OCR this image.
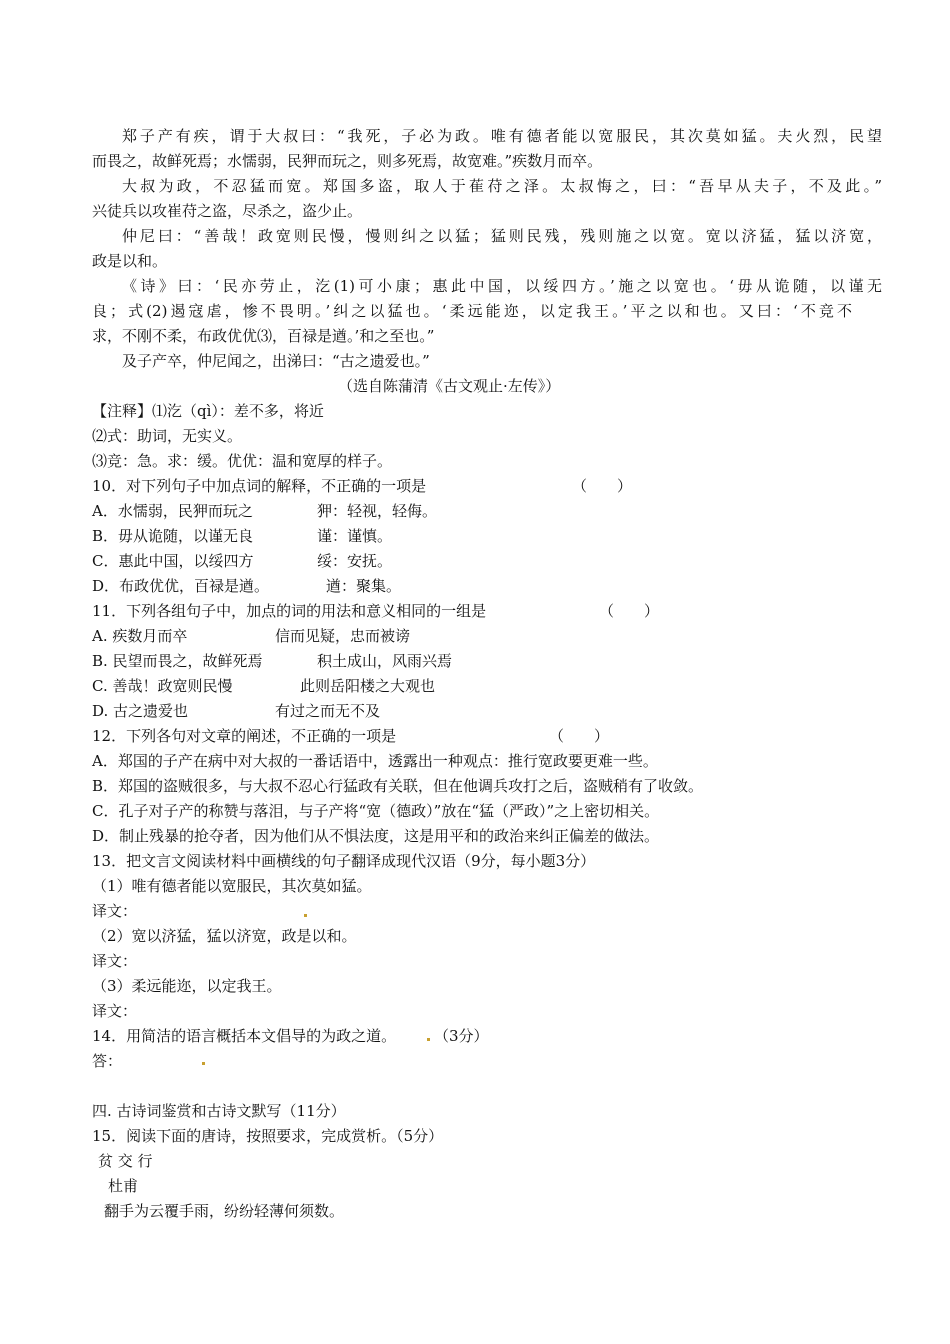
郑子产有疾，谓于大叔曰：“我死，子必为政。唯有德者能以宽服民，其次莫如猛。夫火烈，民望
而畏之，故鲜死焉；水懦弱，民狎而玩之，则多死焉，故宽难。”疾数月而卒。
大叔为政，不忍猛而宽。郑国多盗，取人于萑苻之泽。太叔悔之，曰：“吾早从夫子，不及此。”
兴徒兵以攻崔苻之盗，尽杀之，盗少止。
仲尼曰：“善哉！政宽则民慢，慢则纠之以猛；猛则民残，残则施之以宽。宽以济猛，猛以济宽，
政是以和。
《诗》曰：‘民亦劳止，汔(1)可小康；惠此中国，以绥四方。’施之以宽也。‘毋从诡随，以谨无
良；式(2)遏寇虐，惨不畏明。’纠之以猛也。‘柔远能迩，以定我王。’平之以和也。又曰：‘不竞不
求，不刚不柔，布政优优⑶，百禄是遒。’和之至也。”
及子产卒，仲尼闻之，出涕曰：“古之遗爱也。”
（选自陈蒲清《古文观止·左传》）
【注释】⑴汔（qì）：差不多，将近
⑵式：助词，无实义。
⑶竞：急。求：缓。优优：温和宽厚的样子。
10．对下列句子中加点词的解释，不正确的一项是	（　　）
A．水懦弱，民狎而玩之	狎：轻视，轻侮。
B．毋从诡随，以谨无良	谨：谨慎。
C．惠此中国，以绥四方	绥：安抚。
D．布政优优，百禄是遒。	遒：聚集。
11．下列各组句子中，加点的词的用法和意义相同的一组是	（　　）
A. 疾数月而卒	信而见疑，忠而被谤
B. 民望而畏之，故鲜死焉	积土成山，风雨兴焉
C. 善哉！政宽则民慢	此则岳阳楼之大观也
D. 古之遗爱也	有过之而无不及
12．下列各句对文章的阐述，不正确的一项是	（　　）
A．郑国的子产在病中对大叔的一番话语中，透露出一种观点：推行宽政要更难一些。
B．郑国的盗贼很多，与大叔不忍心行猛政有关联，但在他调兵攻打之后，盗贼稍有了收敛。
C．孔子对子产的称赞与落泪，与子产将“宽（德政）”放在“猛（严政）”之上密切相关。
D．制止残暴的抢夺者，因为他们从不惧法度，这是用平和的政治来纠正偏差的做法。
13．把文言文阅读材料中画横线的句子翻译成现代汉语（9分，每小题3分）
（1）唯有德者能以宽服民，其次莫如猛。
译文：
（2）宽以济猛，猛以济宽，政是以和。
译文：
（3）柔远能迩，以定我王。
译文：
14．用简洁的语言概括本文倡导的为政之道。	（3分）
答：
四. 古诗词鉴赏和古诗文默写（11分）
15．阅读下面的唐诗，按照要求，完成赏析。（5分）
贫 交 行
杜甫
翻手为云覆手雨，纷纷轻薄何须数。
